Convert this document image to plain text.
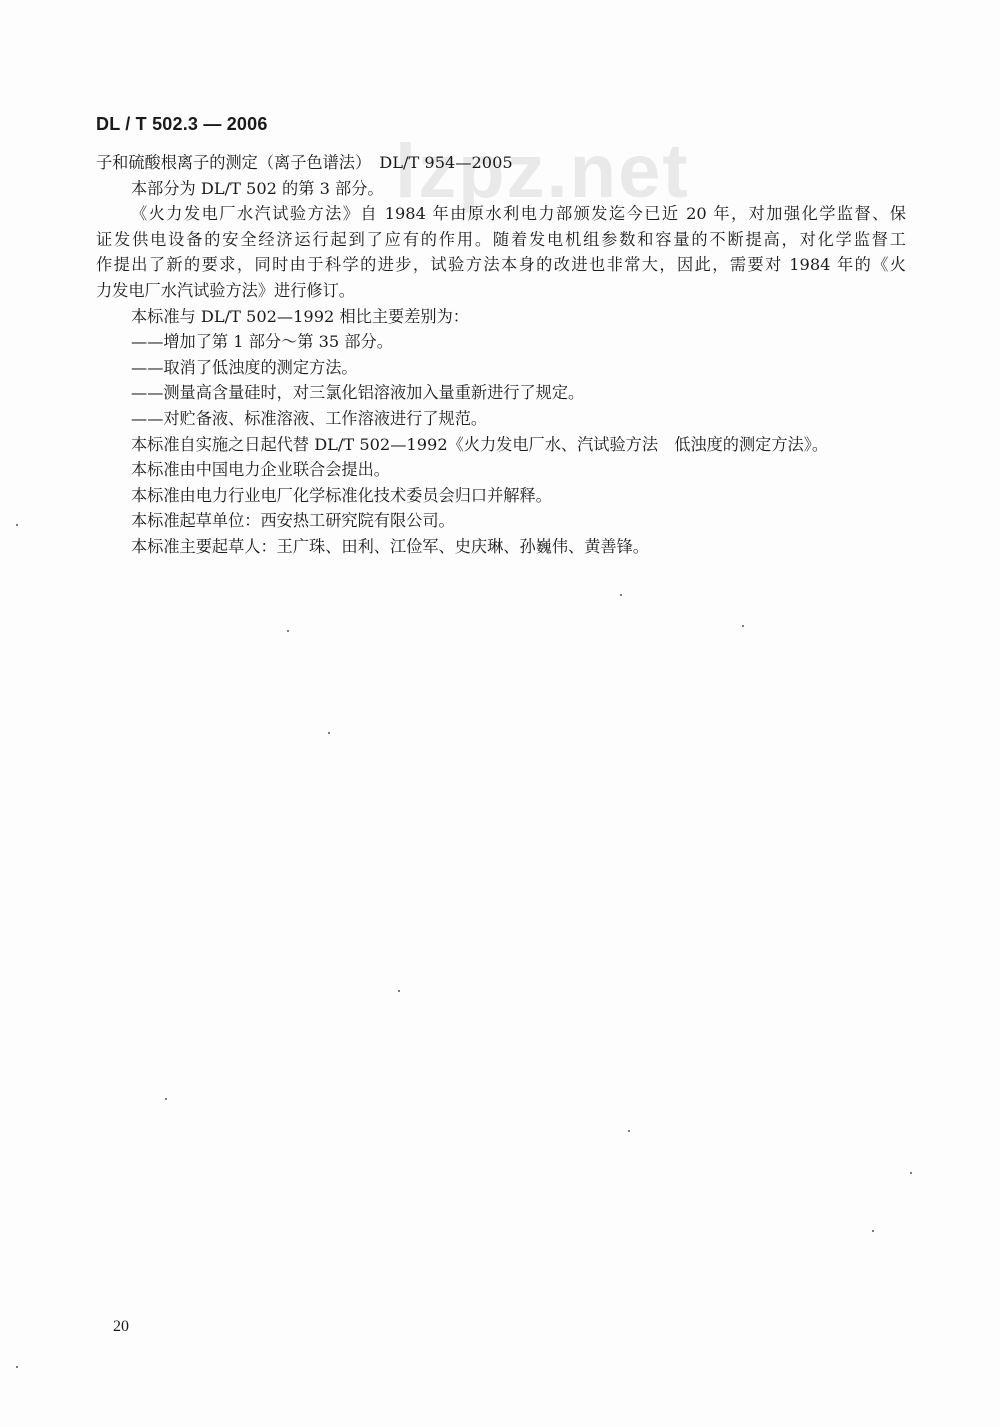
DL / T 502.3 — 2006
lzpz.net
子和硫酸根离子的测定（离子色谱法）　DL/T 954—2005
本部分为 DL/T 502 的第 3 部分。
《火力发电厂水汽试验方法》自 1984 年由原水利电力部颁发迄今已近 20 年，对加强化学监督、保
证发供电设备的安全经济运行起到了应有的作用。随着发电机组参数和容量的不断提高，对化学监督工
作提出了新的要求，同时由于科学的进步，试验方法本身的改进也非常大，因此，需要对 1984 年的《火
力发电厂水汽试验方法》进行修订。
本标准与 DL/T 502—1992 相比主要差别为：
——增加了第 1 部分～第 35 部分。
——取消了低浊度的测定方法。
——测量高含量硅时，对三氯化铝溶液加入量重新进行了规定。
——对贮备液、标准溶液、工作溶液进行了规范。
本标准自实施之日起代替 DL/T 502—1992《火力发电厂水、汽试验方法　低浊度的测定方法》。
本标准由中国电力企业联合会提出。
本标准由电力行业电厂化学标准化技术委员会归口并解释。
本标准起草单位：西安热工研究院有限公司。
本标准主要起草人：王广珠、田利、江俭军、史庆琳、孙巍伟、黄善锋。
20
